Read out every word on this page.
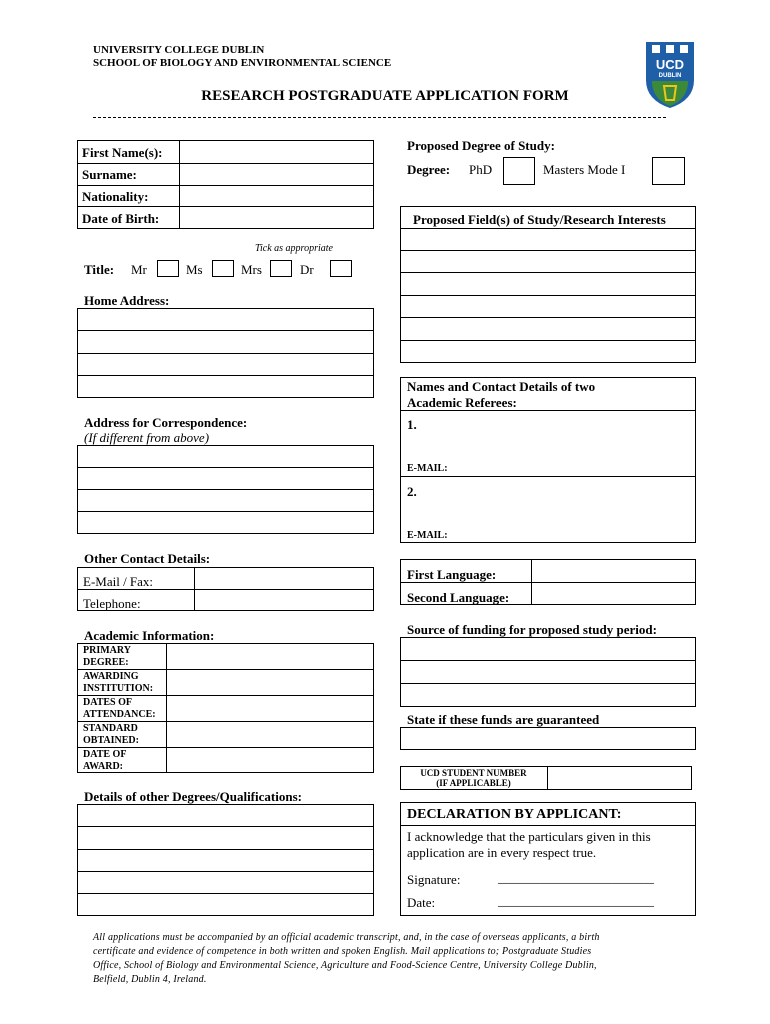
UNIVERSITY COLLEGE DUBLIN
SCHOOL OF BIOLOGY AND ENVIRONMENTAL SCIENCE	UCD
DUBLIN
RESEARCH POSTGRADUATE APPLICATION FORM
First Name(s):
Surname:
Nationality:
Date of Birth:
Tick as appropriate
Title: Mr	Ms	Mrs	Dr
Home Address:
Address for Correspondence:
(If different from above)
Other Contact Details:
E-Mail / Fax:
Telephone:
Academic Information:
PRIMARY
DEGREE:
AWARDING
INSTITUTION:
DATES OF
ATTENDANCE:
STANDARD
OBTAINED:
DATE OF
AWARD:
Details of other Degrees/Qualifications:
Proposed Degree of Study:
Degree: PhD	Masters Mode I
Proposed Field(s) of Study/Research Interests
Names and Contact Details of two
Academic Referees:
1.
E-MAIL:
2.
E-MAIL:
First Language:
Second Language:
Source of funding for proposed study period:
State if these funds are guaranteed
UCD STUDENT NUMBER
(IF APPLICABLE)
DECLARATION BY APPLICANT:
I acknowledge that the particulars given in this
application are in every respect true.
Signature:	________________________
Date:	________________________
All applications must be accompanied by an official academic transcript, and, in the case of overseas applicants, a birth
certificate and evidence of competence in both written and spoken English. Mail applications to; Postgraduate Studies
Office, School of Biology and Environmental Science, Agriculture and Food-Science Centre, University College Dublin,
Belfield, Dublin 4, Ireland.
